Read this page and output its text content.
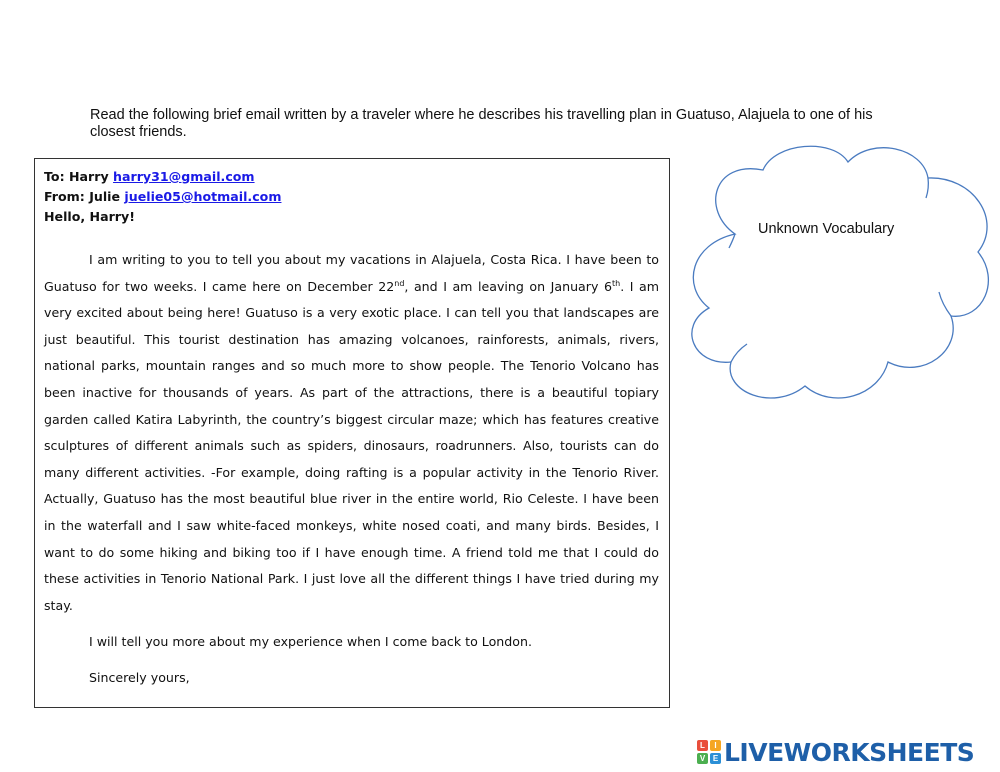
Read the following brief email written by a traveler where he describes his travelling plan in Guatuso, Alajuela to one of his closest friends.
To: Harry harry31@gmail.com
From: Julie juelie05@hotmail.com
Hello, Harry!
I am writing to you to tell you about my vacations in Alajuela, Costa Rica. I have been to Guatuso for two weeks. I came here on December 22nd, and I am leaving on January 6th. I am very excited about being here! Guatuso is a very exotic place. I can tell you that landscapes are just beautiful. This tourist destination has amazing volcanoes, rainforests, animals, rivers, national parks, mountain ranges and so much more to show people. The Tenorio Volcano has been inactive for thousands of years. As part of the attractions, there is a beautiful topiary garden called Katira Labyrinth, the country’s biggest circular maze; which has features creative sculptures of different animals such as spiders, dinosaurs, roadrunners. Also, tourists can do many different activities. -For example, doing rafting is a popular activity in the Tenorio River. Actually, Guatuso has the most beautiful blue river in the entire world, Rio Celeste. I have been in the waterfall and I saw white-faced monkeys, white nosed coati, and many birds. Besides, I want to do some hiking and biking too if I have enough time. A friend told me that I could do these activities in Tenorio National Park. I just love all the different things I have tried during my stay.
I will tell you more about my experience when I come back to London.
Sincerely yours,
Unknown Vocabulary
L	I
V E LIVEWORKSHEETS
